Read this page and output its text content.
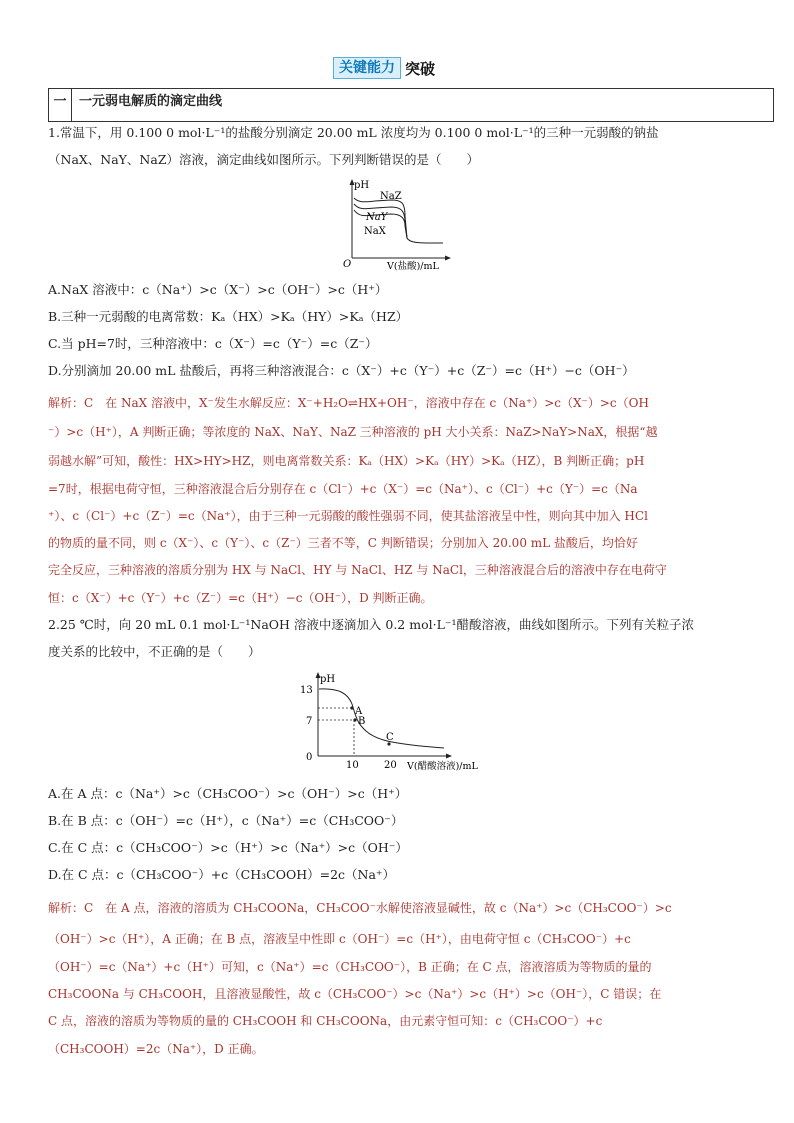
关键能力 突破
一 一元弱电解质的滴定曲线
1.常温下，用 0.100 0 mol·L⁻¹的盐酸分别滴定 20.00 mL 浓度均为 0.100 0 mol·L⁻¹的三种一元弱酸的钠盐
（NaX、NaY、NaZ）溶液，滴定曲线如图所示。下列判断错误的是（　　）
pH
O	V(盐酸)/mL
NaZ
NaY
NaX
A.NaX 溶液中：c（Na⁺）>c（X⁻）>c（OH⁻）>c（H⁺）
B.三种一元弱酸的电离常数：Kₐ（HX）>Kₐ（HY）>Kₐ（HZ）
C.当 pH=7时，三种溶液中：c（X⁻）=c（Y⁻）=c（Z⁻）
D.分别滴加 20.00 mL 盐酸后，再将三种溶液混合：c（X⁻）+c（Y⁻）+c（Z⁻）=c（H⁺）−c（OH⁻）
解析：C　在 NaX 溶液中，X⁻发生水解反应：X⁻+H₂O⇌HX+OH⁻，溶液中存在 c（Na⁺）>c（X⁻）>c（OH
⁻）>c（H⁺），A 判断正确；等浓度的 NaX、NaY、NaZ 三种溶液的 pH 大小关系：NaZ>NaY>NaX，根据“越
弱越水解”可知，酸性：HX>HY>HZ，则电离常数关系：Kₐ（HX）>Kₐ（HY）>Kₐ（HZ），B 判断正确；pH
=7时，根据电荷守恒，三种溶液混合后分别存在 c（Cl⁻）+c（X⁻）=c（Na⁺）、c（Cl⁻）+c（Y⁻）=c（Na
⁺）、c（Cl⁻）+c（Z⁻）=c（Na⁺），由于三种一元弱酸的酸性强弱不同，使其盐溶液呈中性，则向其中加入 HCl
的物质的量不同，则 c（X⁻）、c（Y⁻）、c（Z⁻）三者不等，C 判断错误；分别加入 20.00 mL 盐酸后，均恰好
完全反应，三种溶液的溶质分别为 HX 与 NaCl、HY 与 NaCl、HZ 与 NaCl，三种溶液混合后的溶液中存在电荷守
恒：c（X⁻）+c（Y⁻）+c（Z⁻）=c（H⁺）−c（OH⁻），D 判断正确。
2.25 ℃时，向 20 mL 0.1 mol·L⁻¹NaOH 溶液中逐滴加入 0.2 mol·L⁻¹醋酸溶液，曲线如图所示。下列有关粒子浓
度关系的比较中，不正确的是（　　）
pH
13
7
0
10	20 V(醋酸溶液)/mL
A
B
C
A.在 A 点：c（Na⁺）>c（CH₃COO⁻）>c（OH⁻）>c（H⁺）
B.在 B 点：c（OH⁻）=c（H⁺），c（Na⁺）=c（CH₃COO⁻）
C.在 C 点：c（CH₃COO⁻）>c（H⁺）>c（Na⁺）>c（OH⁻）
D.在 C 点：c（CH₃COO⁻）+c（CH₃COOH）=2c（Na⁺）
解析：C　在 A 点，溶液的溶质为 CH₃COONa，CH₃COO⁻水解使溶液显碱性，故 c（Na⁺）>c（CH₃COO⁻）>c
（OH⁻）>c（H⁺），A 正确；在 B 点，溶液呈中性即 c（OH⁻）=c（H⁺），由电荷守恒 c（CH₃COO⁻）+c
（OH⁻）=c（Na⁺）+c（H⁺）可知，c（Na⁺）=c（CH₃COO⁻），B 正确；在 C 点，溶液溶质为等物质的量的
CH₃COONa 与 CH₃COOH，且溶液显酸性，故 c（CH₃COO⁻）>c（Na⁺）>c（H⁺）>c（OH⁻），C 错误；在
C 点，溶液的溶质为等物质的量的 CH₃COOH 和 CH₃COONa，由元素守恒可知：c（CH₃COO⁻）+c
（CH₃COOH）=2c（Na⁺），D 正确。
